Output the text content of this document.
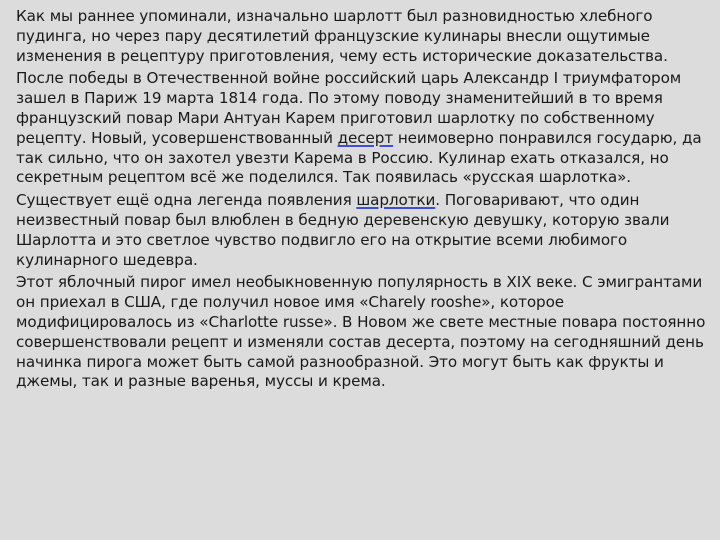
Как мы раннее упоминали, изначально шарлотт был разновидностью хлебного пудинга, но через пару десятилетий французские кулинары внесли ощутимые изменения в рецептуру приготовления, чему есть исторические доказательства.

После победы в Отечественной войне российский царь Александр I триумфатором зашел в Париж 19 марта 1814 года. По этому поводу знаменитейший в то время французский повар Мари Антуан Карем приготовил шарлотку по собственному рецепту. Новый, усовершенствованный десерт неимоверно понравился государю, да так сильно, что он захотел увезти Карема в Россию. Кулинар ехать отказался, но секретным рецептом всё же поделился. Так появилась «русская шарлотка».

Существует ещё одна легенда появления шарлотки. Поговаривают, что один неизвестный повар был влюблен в бедную деревенскую девушку, которую звали Шарлотта и это светлое чувство подвигло его на открытие всеми любимого кулинарного шедевра.

Этот яблочный пирог имел необыкновенную популярность в XIX веке. С эмигрантами он приехал в США, где получил новое имя «Charely rooshe», которое модифицировалось из «Charlotte russe». В Новом же свете местные повара постоянно совершенствовали рецепт и изменяли состав десерта, поэтому на сегодняшний день начинка пирога может быть самой разнообразной. Это могут быть как фрукты и джемы, так и разные варенья, муссы и крема.
